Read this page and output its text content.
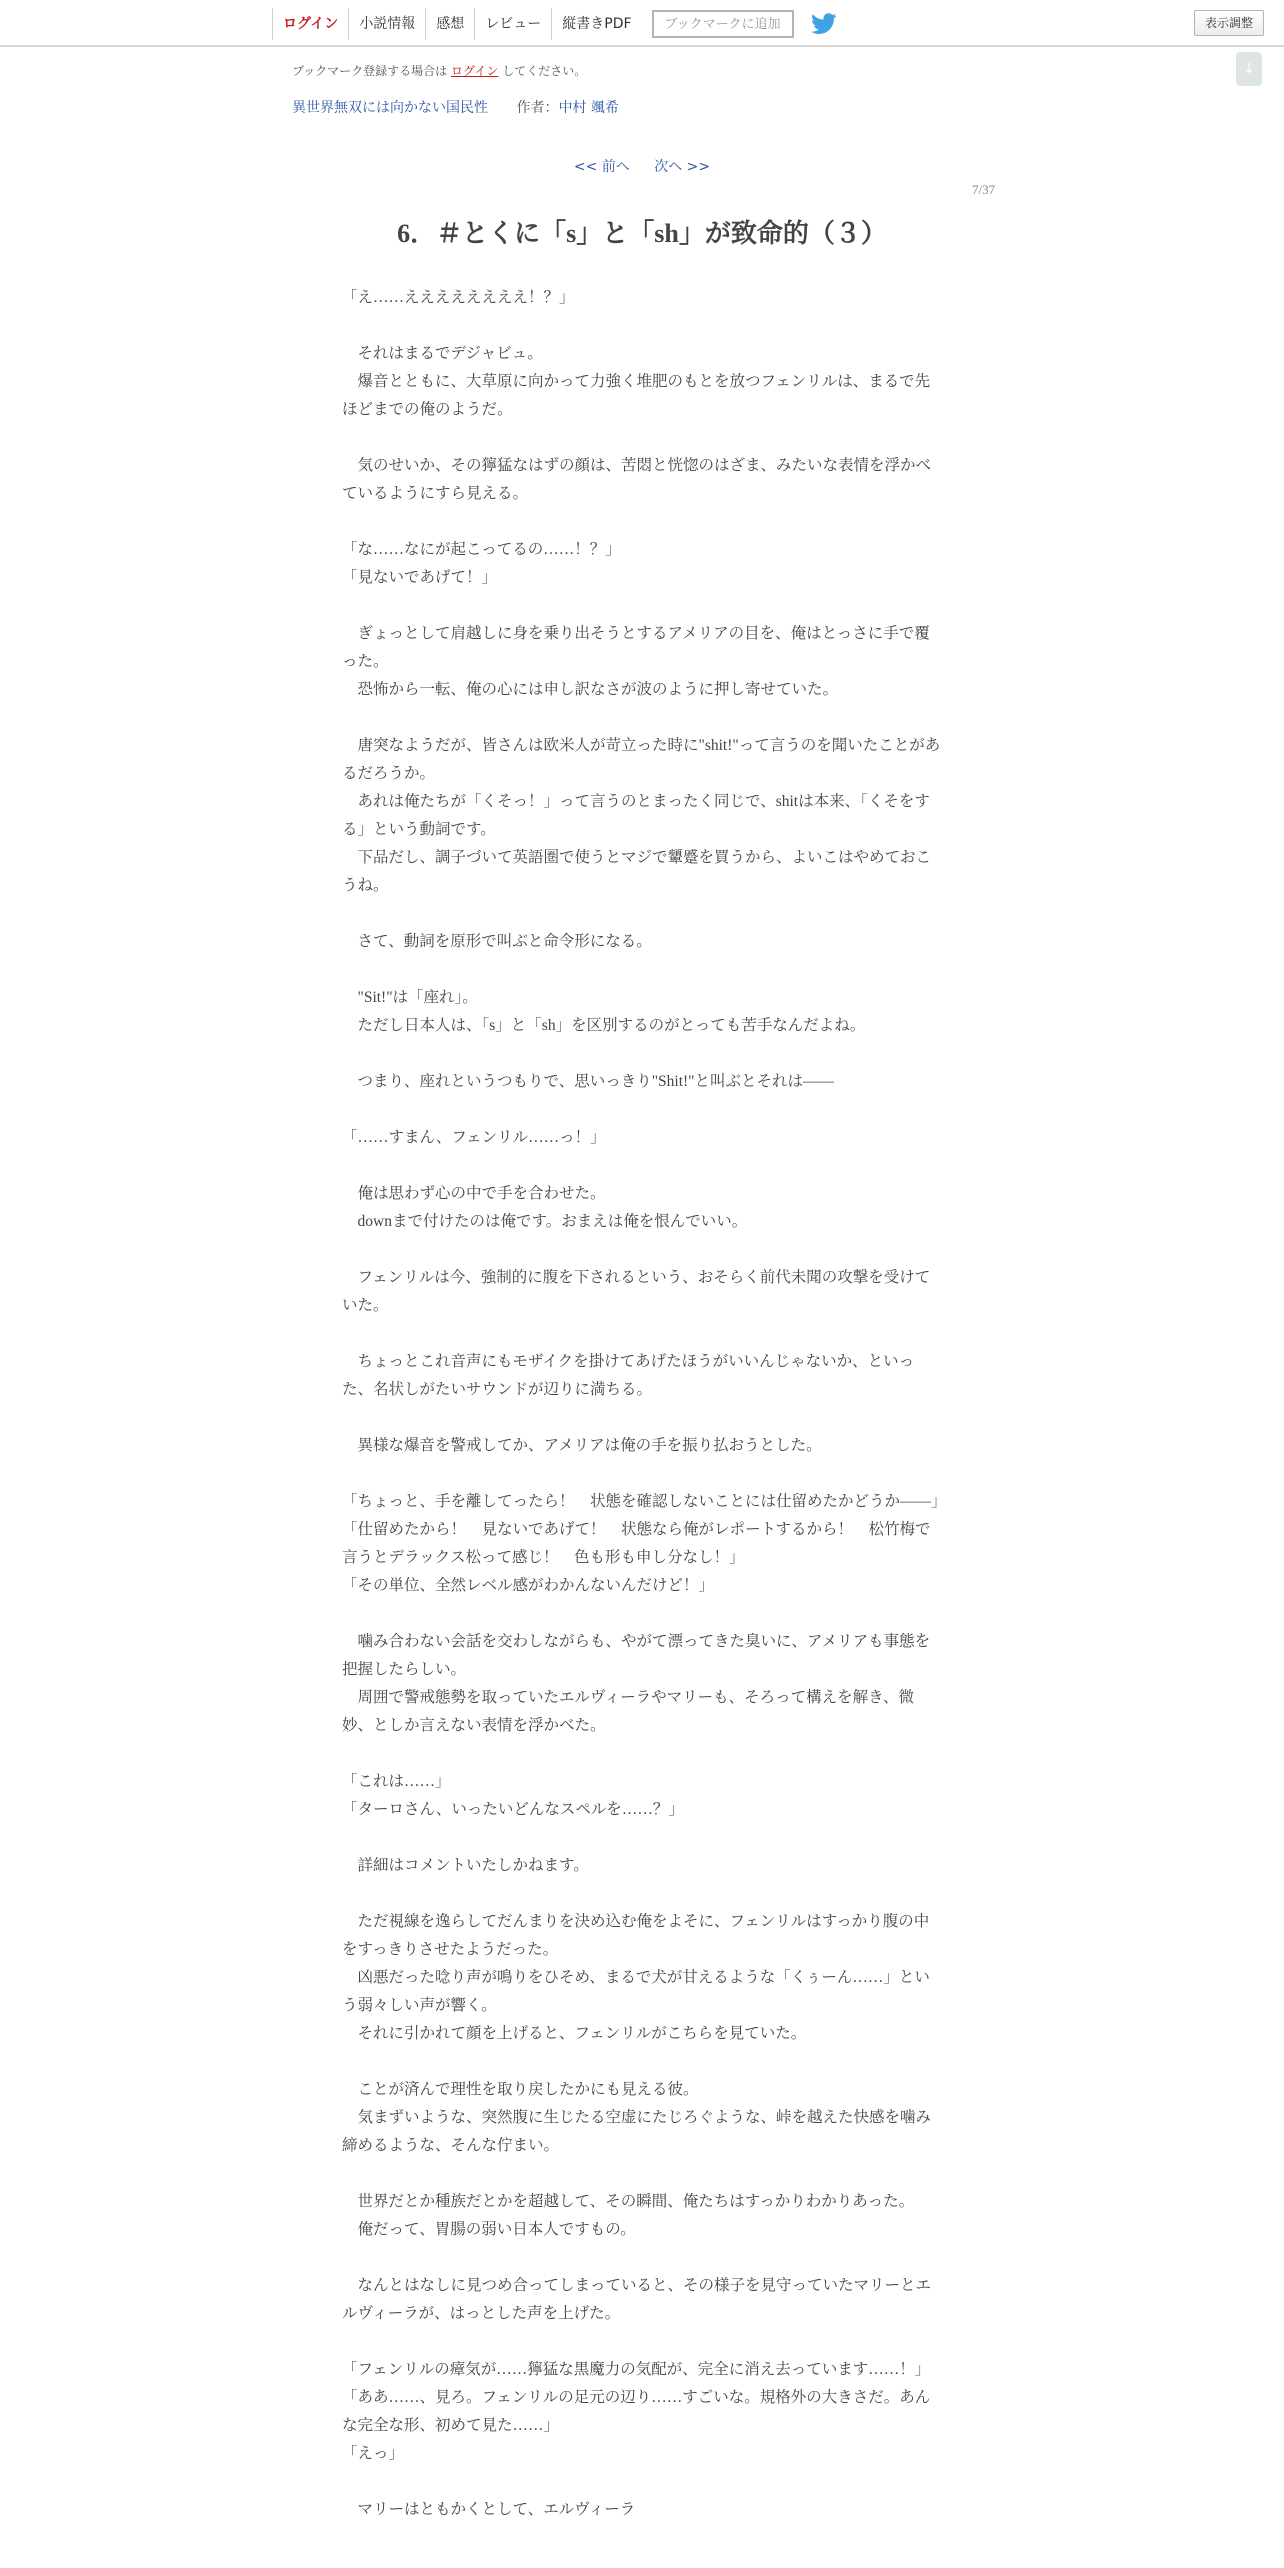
ログイン	小説情報	感想	レビュー	縦書きPDF	ブックマークに追加	表示調整
↓
ブックマーク登録する場合は ログイン してください。
異世界無双には向かない国民性 作者：中村 颯希
<< 前へ 次へ >>
7/37
6．＃とくに「s」と「sh」が致命的（３）

「え……ええええええええ！？」

　それはまるでデジャビュ。

　爆音とともに、大草原に向かって力強く堆肥のもとを放つフェンリルは、まるで先ほどまでの俺のようだ。

　気のせいか、その獰猛なはずの顔は、苦悶と恍惚のはざま、みたいな表情を浮かべているようにすら見える。

「な……なにが起こってるの……！？」

「見ないであげて！」

　ぎょっとして肩越しに身を乗り出そうとするアメリアの目を、俺はとっさに手で覆った。

　恐怖から一転、俺の心には申し訳なさが波のように押し寄せていた。

　唐突なようだが、皆さんは欧米人が苛立った時に"shit!"って言うのを聞いたことがあるだろうか。

　あれは俺たちが「くそっ！」って言うのとまったく同じで、shitは本来、「くそをする」という動詞です。

　下品だし、調子づいて英語圏で使うとマジで顰蹙を買うから、よいこはやめておこうね。

　さて、動詞を原形で叫ぶと命令形になる。

　"Sit!"は「座れ」。

　ただし日本人は、「s」と「sh」を区別するのがとっても苦手なんだよね。

　つまり、座れというつもりで、思いっきり"Shit!"と叫ぶとそれは――

「……すまん、フェンリル……っ！」

　俺は思わず心の中で手を合わせた。

　downまで付けたのは俺です。おまえは俺を恨んでいい。

　フェンリルは今、強制的に腹を下されるという、おそらく前代未聞の攻撃を受けていた。

　ちょっとこれ音声にもモザイクを掛けてあげたほうがいいんじゃないか、といった、名状しがたいサウンドが辺りに満ちる。

　異様な爆音を警戒してか、アメリアは俺の手を振り払おうとした。

「ちょっと、手を離してったら！　状態を確認しないことには仕留めたかどうか――」

「仕留めたから！　見ないであげて！　状態なら俺がレポートするから！　松竹梅で言うとデラックス松って感じ！　色も形も申し分なし！」

「その単位、全然レベル感がわかんないんだけど！」

　噛み合わない会話を交わしながらも、やがて漂ってきた臭いに、アメリアも事態を把握したらしい。

　周囲で警戒態勢を取っていたエルヴィーラやマリーも、そろって構えを解き、微妙、としか言えない表情を浮かべた。

「これは……」

「ターロさん、いったいどんなスペルを……？」

　詳細はコメントいたしかねます。

　ただ視線を逸らしてだんまりを決め込む俺をよそに、フェンリルはすっかり腹の中をすっきりさせたようだった。

　凶悪だった唸り声が鳴りをひそめ、まるで犬が甘えるような「くぅーん……」という弱々しい声が響く。

　それに引かれて顔を上げると、フェンリルがこちらを見ていた。

　ことが済んで理性を取り戻したかにも見える彼。

　気まずいような、突然腹に生じたる空虚にたじろぐような、峠を越えた快感を噛み締めるような、そんな佇まい。

　世界だとか種族だとかを超越して、その瞬間、俺たちはすっかりわかりあった。

　俺だって、胃腸の弱い日本人ですもの。

　なんとはなしに見つめ合ってしまっていると、その様子を見守っていたマリーとエルヴィーラが、はっとした声を上げた。

「フェンリルの瘴気が……獰猛な黒魔力の気配が、完全に消え去っています……！」

「ああ……、見ろ。フェンリルの足元の辺り……すごいな。規格外の大きさだ。あんな完全な形、初めて見た……」

「えっ」

　マリーはともかくとして、エルヴィーラ
